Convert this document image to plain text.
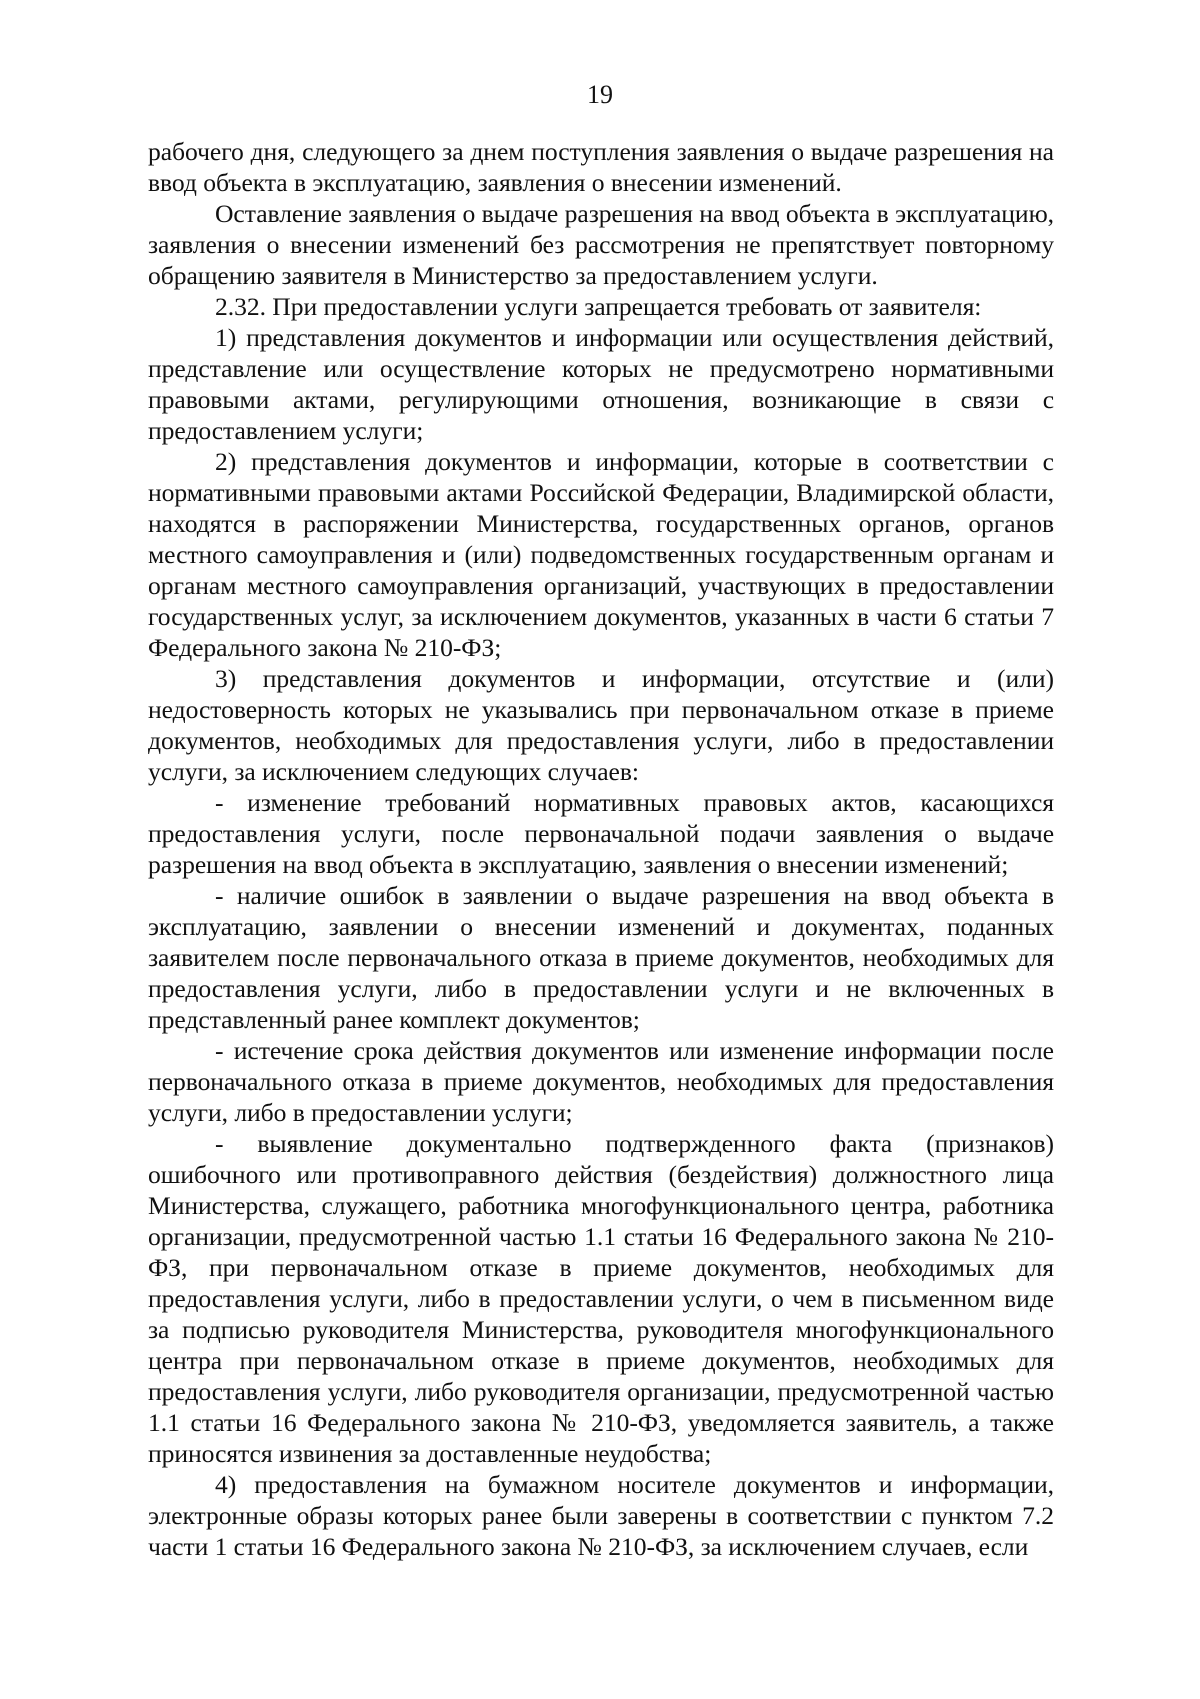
19

рабочего дня, следующего за днем поступления заявления о выдаче разрешения на ввод объекта в эксплуатацию, заявления о внесении изменений.

Оставление заявления о выдаче разрешения на ввод объекта в эксплуатацию, заявления о внесении изменений без рассмотрения не препятствует повторному обращению заявителя в Министерство за предоставлением услуги.

2.32. При предоставлении услуги запрещается требовать от заявителя:

1) представления документов и информации или осуществления действий, представление или осуществление которых не предусмотрено нормативными правовыми актами, регулирующими отношения, возникающие в связи с предоставлением услуги;

2) представления документов и информации, которые в соответствии с нормативными правовыми актами Российской Федерации, Владимирской области, находятся в распоряжении Министерства, государственных органов, органов местного самоуправления и (или) подведомственных государственным органам и органам местного самоуправления организаций, участвующих в предоставлении государственных услуг, за исключением документов, указанных в части 6 статьи 7 Федерального закона № 210-ФЗ;

3) представления документов и информации, отсутствие и (или) недостоверность которых не указывались при первоначальном отказе в приеме документов, необходимых для предоставления услуги, либо в предоставлении услуги, за исключением следующих случаев:

- изменение требований нормативных правовых актов, касающихся предоставления услуги, после первоначальной подачи заявления о выдаче разрешения на ввод объекта в эксплуатацию, заявления о внесении изменений;

- наличие ошибок в заявлении о выдаче разрешения на ввод объекта в эксплуатацию, заявлении о внесении изменений и документах, поданных заявителем после первоначального отказа в приеме документов, необходимых для предоставления услуги, либо в предоставлении услуги и не включенных в представленный ранее комплект документов;

- истечение срока действия документов или изменение информации после первоначального отказа в приеме документов, необходимых для предоставления услуги, либо в предоставлении услуги;

- выявление документально подтвержденного факта (признаков) ошибочного или противоправного действия (бездействия) должностного лица Министерства, служащего, работника многофункционального центра, работника организации, предусмотренной частью 1.1 статьи 16 Федерального закона № 210-ФЗ, при первоначальном отказе в приеме документов, необходимых для предоставления услуги, либо в предоставлении услуги, о чем в письменном виде за подписью руководителя Министерства, руководителя многофункционального центра при первоначальном отказе в приеме документов, необходимых для предоставления услуги, либо руководителя организации, предусмотренной частью 1.1 статьи 16 Федерального закона № 210-ФЗ, уведомляется заявитель, а также приносятся извинения за доставленные неудобства;

4) предоставления на бумажном носителе документов и информации, электронные образы которых ранее были заверены в соответствии с пунктом 7.2 части 1 статьи 16 Федерального закона № 210-ФЗ, за исключением случаев, если
